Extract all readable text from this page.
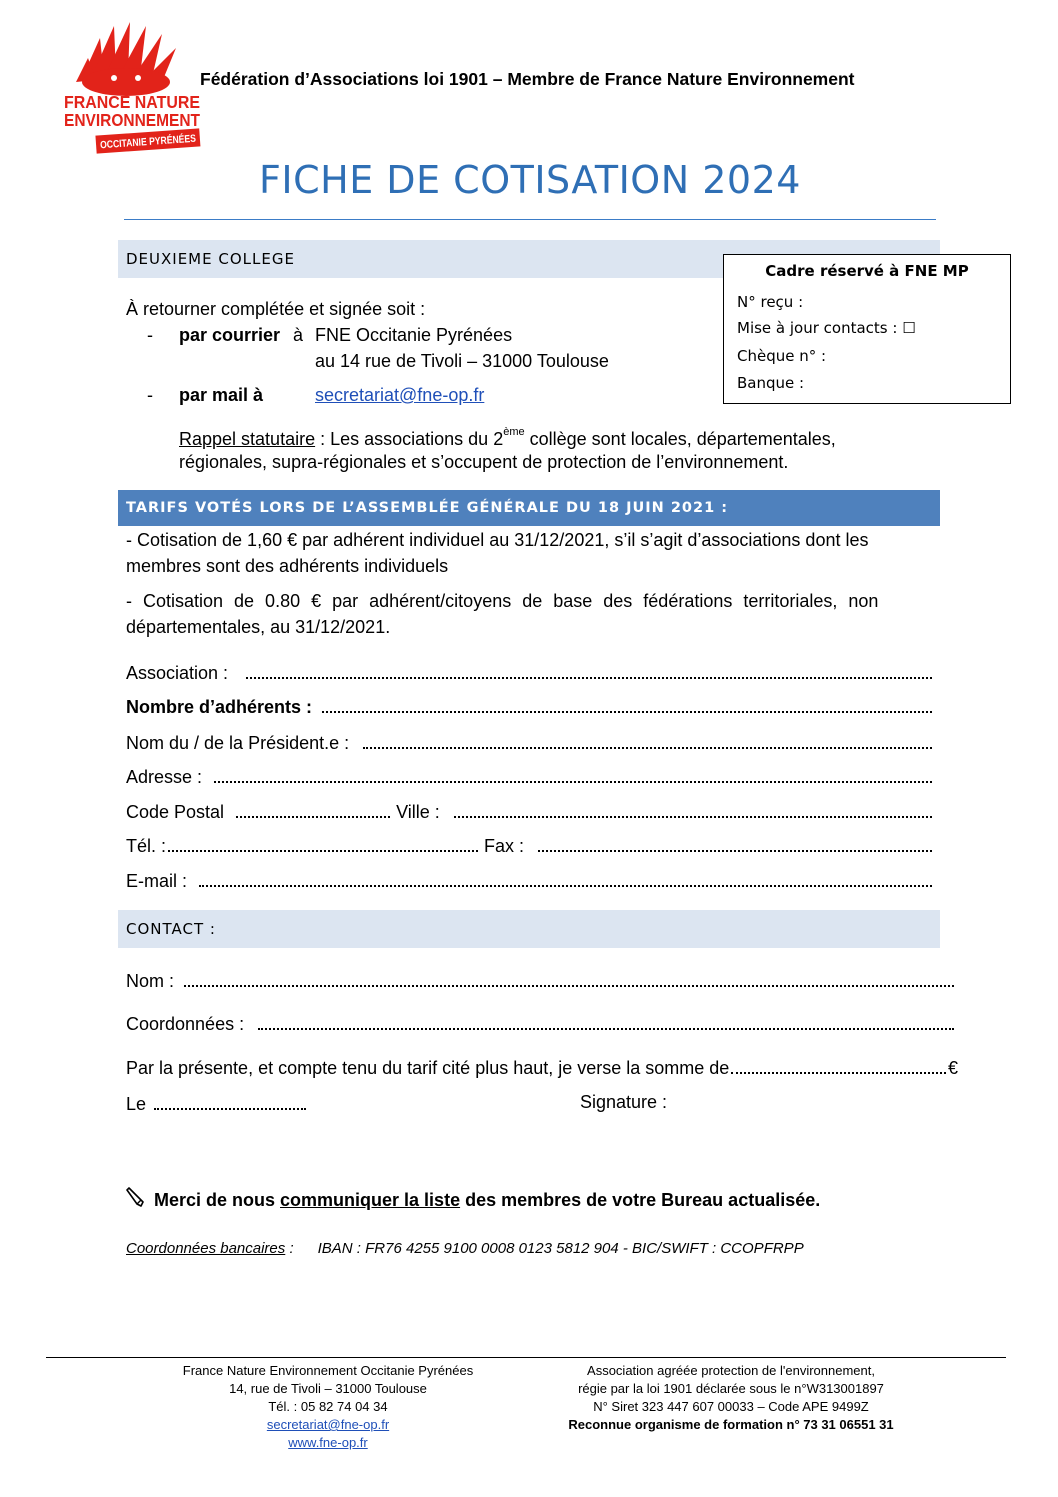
FRANCE NATURE
ENVIRONNEMENT
OCCITANIE PYRÉNÉES
Fédération d’Associations loi 1901 – Membre de France Nature Environnement
FICHE DE COTISATION 2024
DEUXIEME COLLEGE
Cadre réservé à FNE MP
N° reçu :
Mise à jour contacts : ☐
Chèque n° :
Banque :
À retourner complétée et signée soit :
- par courrier à FNE Occitanie Pyrénées
au 14 rue de Tivoli – 31000 Toulouse
- par mail à	secretariat@fne-op.fr
Rappel statutaire : Les associations du 2ème collège sont locales, départementales,
régionales, supra-régionales et s’occupent de protection de l’environnement.
TARIFS VOTÉS LORS DE L’ASSEMBLÉE GÉNÉRALE DU 18 JUIN 2021 :
- Cotisation de 1,60 € par adhérent individuel au 31/12/2021, s’il s’agit d’associations dont les
membres sont des adhérents individuels
- Cotisation de 0.80 € par adhérent/citoyens de base des fédérations territoriales, non
départementales, au 31/12/2021.
Association :
Nombre d’adhérents :
Nom du / de la Président.e :
Adresse :
Code Postal	Ville :
Tél. :	Fax :
E-mail :
CONTACT :
Nom :
Coordonnées :
Par la présente, et compte tenu du tarif cité plus haut, je verse la somme de	€
Le	Signature :
Merci de nous communiquer la liste des membres de votre Bureau actualisée.
Coordonnées bancaires : IBAN : FR76 4255 9100 0008 0123 5812 904 - BIC/SWIFT : CCOPFRPP
France Nature Environnement Occitanie Pyrénées
14, rue de Tivoli – 31000 Toulouse
Tél. : 05 82 74 04 34
secretariat@fne-op.fr
www.fne-op.fr
Association agréée protection de l'environnement,
régie par la loi 1901 déclarée sous le n°W313001897
N° Siret 323 447 607 00033 – Code APE 9499Z
Reconnue organisme de formation n° 73 31 06551 31
